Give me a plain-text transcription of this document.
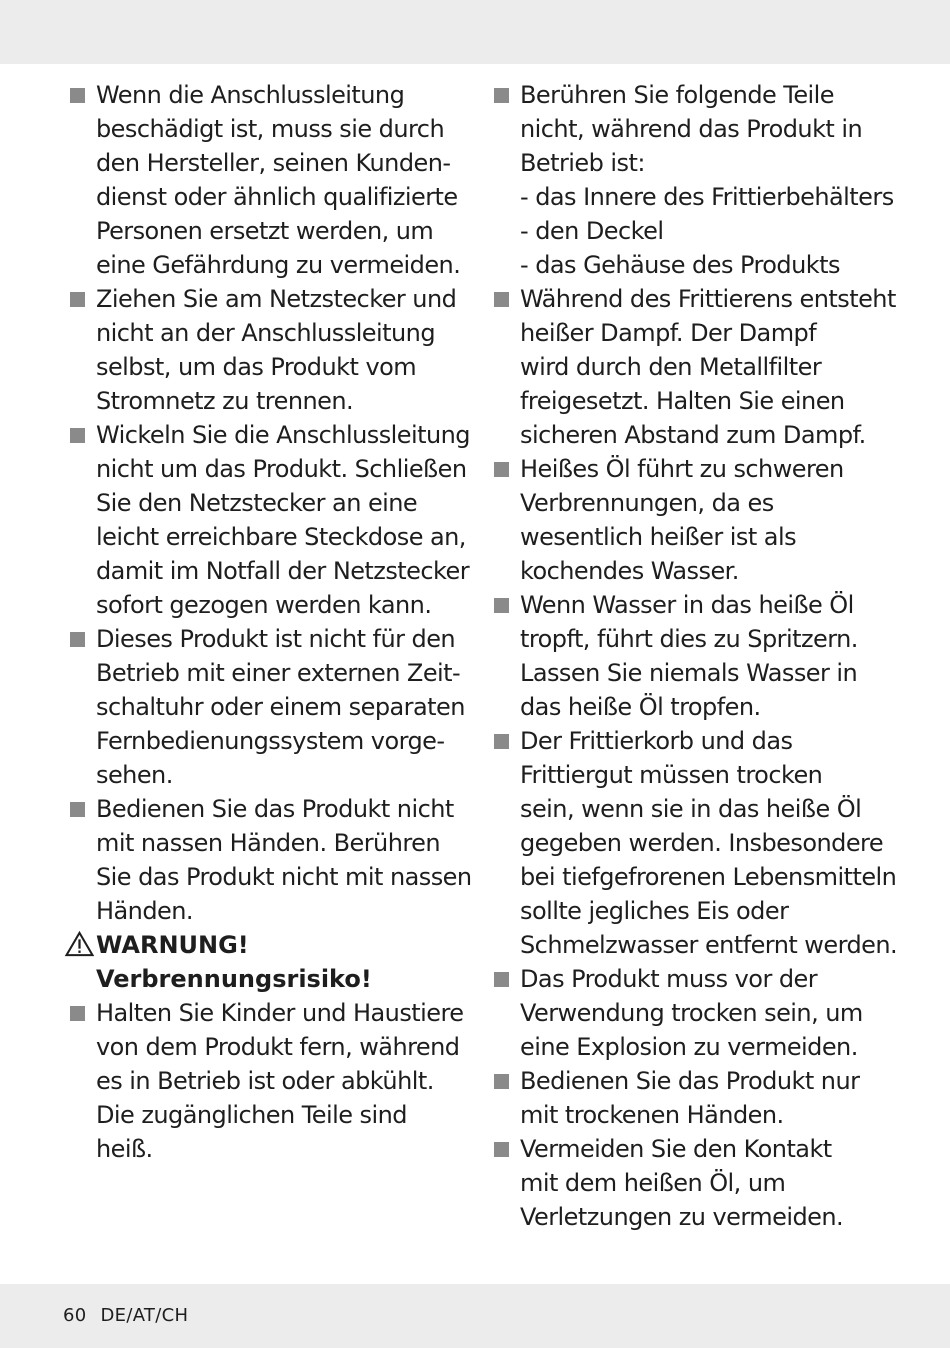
Wenn die Anschlussleitung
beschädigt ist, muss sie durch
den Hersteller, seinen Kunden-
dienst oder ähnlich qualifizierte
Personen ersetzt werden, um
eine Gefährdung zu vermeiden.
Ziehen Sie am Netzstecker und
nicht an der Anschlussleitung
selbst, um das Produkt vom
Stromnetz zu trennen.
Wickeln Sie die Anschlussleitung
nicht um das Produkt. Schließen
Sie den Netzstecker an eine
leicht erreichbare Steckdose an,
damit im Notfall der Netzstecker
sofort gezogen werden kann.
Dieses Produkt ist nicht für den
Betrieb mit einer externen Zeit-
schaltuhr oder einem separaten
Fernbedienungssystem vorge-
sehen.
Bedienen Sie das Produkt nicht
mit nassen Händen. Berühren
Sie das Produkt nicht mit nassen
Händen.
WARNUNG!
Verbrennungsrisiko!
Halten Sie Kinder und Haustiere
von dem Produkt fern, während
es in Betrieb ist oder abkühlt.
Die zugänglichen Teile sind
heiß.
Berühren Sie folgende Teile
nicht, während das Produkt in
Betrieb ist:
- das Innere des Frittierbehälters
- den Deckel
- das Gehäuse des Produkts
Während des Frittierens entsteht
heißer Dampf. Der Dampf
wird durch den Metallfilter
freigesetzt. Halten Sie einen
sicheren Abstand zum Dampf.
Heißes Öl führt zu schweren
Verbrennungen, da es
wesentlich heißer ist als
kochendes Wasser.
Wenn Wasser in das heiße Öl
tropft, führt dies zu Spritzern.
Lassen Sie niemals Wasser in
das heiße Öl tropfen.
Der Frittierkorb und das
Frittiergut müssen trocken
sein, wenn sie in das heiße Öl
gegeben werden. Insbesondere
bei tiefgefrorenen Lebensmitteln
sollte jegliches Eis oder
Schmelzwasser entfernt werden.
Das Produkt muss vor der
Verwendung trocken sein, um
eine Explosion zu vermeiden.
Bedienen Sie das Produkt nur
mit trockenen Händen.
Vermeiden Sie den Kontakt
mit dem heißen Öl, um
Verletzungen zu vermeiden.
60 DE/AT/CH
